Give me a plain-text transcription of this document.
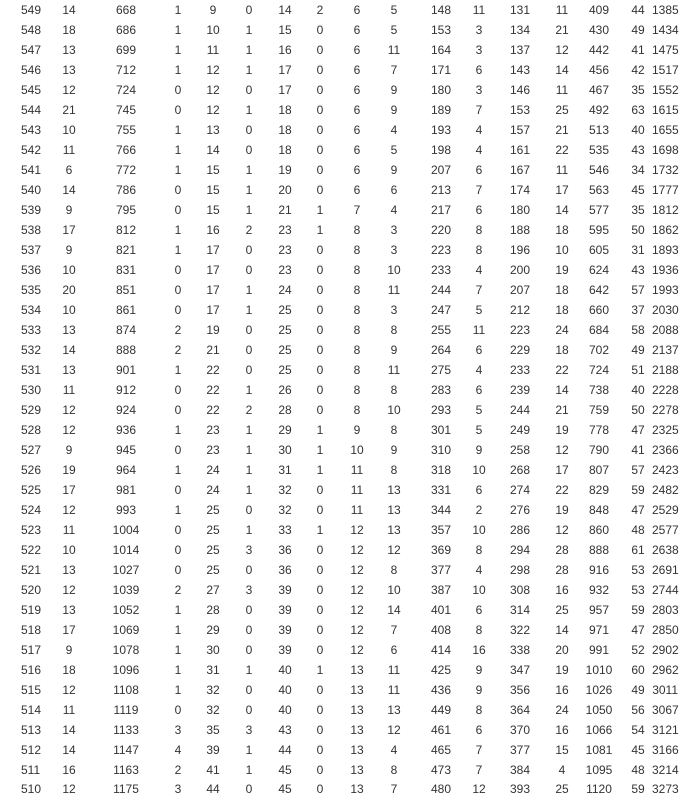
549	14	668	1	9	0	14	2	6	5	148	11	131	11	409	44	1385
548	18	686	1	10	1	15	0	6	5	153	3	134	21	430	49	1434
547	13	699	1	11	1	16	0	6	11	164	3	137	12	442	41	1475
546	13	712	1	12	1	17	0	6	7	171	6	143	14	456	42	1517
545	12	724	0	12	0	17	0	6	9	180	3	146	11	467	35	1552
544	21	745	0	12	1	18	0	6	9	189	7	153	25	492	63	1615
543	10	755	1	13	0	18	0	6	4	193	4	157	21	513	40	1655
542	11	766	1	14	0	18	0	6	5	198	4	161	22	535	43	1698
541	6	772	1	15	1	19	0	6	9	207	6	167	11	546	34	1732
540	14	786	0	15	1	20	0	6	6	213	7	174	17	563	45	1777
539	9	795	0	15	1	21	1	7	4	217	6	180	14	577	35	1812
538	17	812	1	16	2	23	1	8	3	220	8	188	18	595	50	1862
537	9	821	1	17	0	23	0	8	3	223	8	196	10	605	31	1893
536	10	831	0	17	0	23	0	8	10	233	4	200	19	624	43	1936
535	20	851	0	17	1	24	0	8	11	244	7	207	18	642	57	1993
534	10	861	0	17	1	25	0	8	3	247	5	212	18	660	37	2030
533	13	874	2	19	0	25	0	8	8	255	11	223	24	684	58	2088
532	14	888	2	21	0	25	0	8	9	264	6	229	18	702	49	2137
531	13	901	1	22	0	25	0	8	11	275	4	233	22	724	51	2188
530	11	912	0	22	1	26	0	8	8	283	6	239	14	738	40	2228
529	12	924	0	22	2	28	0	8	10	293	5	244	21	759	50	2278
528	12	936	1	23	1	29	1	9	8	301	5	249	19	778	47	2325
527	9	945	0	23	1	30	1	10	9	310	9	258	12	790	41	2366
526	19	964	1	24	1	31	1	11	8	318	10	268	17	807	57	2423
525	17	981	0	24	1	32	0	11	13	331	6	274	22	829	59	2482
524	12	993	1	25	0	32	0	11	13	344	2	276	19	848	47	2529
523	11	1004	0	25	1	33	1	12	13	357	10	286	12	860	48	2577
522	10	1014	0	25	3	36	0	12	12	369	8	294	28	888	61	2638
521	13	1027	0	25	0	36	0	12	8	377	4	298	28	916	53	2691
520	12	1039	2	27	3	39	0	12	10	387	10	308	16	932	53	2744
519	13	1052	1	28	0	39	0	12	14	401	6	314	25	957	59	2803
518	17	1069	1	29	0	39	0	12	7	408	8	322	14	971	47	2850
517	9	1078	1	30	0	39	0	12	6	414	16	338	20	991	52	2902
516	18	1096	1	31	1	40	1	13	11	425	9	347	19	1010	60	2962
515	12	1108	1	32	0	40	0	13	11	436	9	356	16	1026	49	3011
514	11	1119	0	32	0	40	0	13	13	449	8	364	24	1050	56	3067
513	14	1133	3	35	3	43	0	13	12	461	6	370	16	1066	54	3121
512	14	1147	4	39	1	44	0	13	4	465	7	377	15	1081	45	3166
511	16	1163	2	41	1	45	0	13	8	473	7	384	4	1095	48	3214
510	12	1175	3	44	0	45	0	13	7	480	12	393	25	1120	59	3273
